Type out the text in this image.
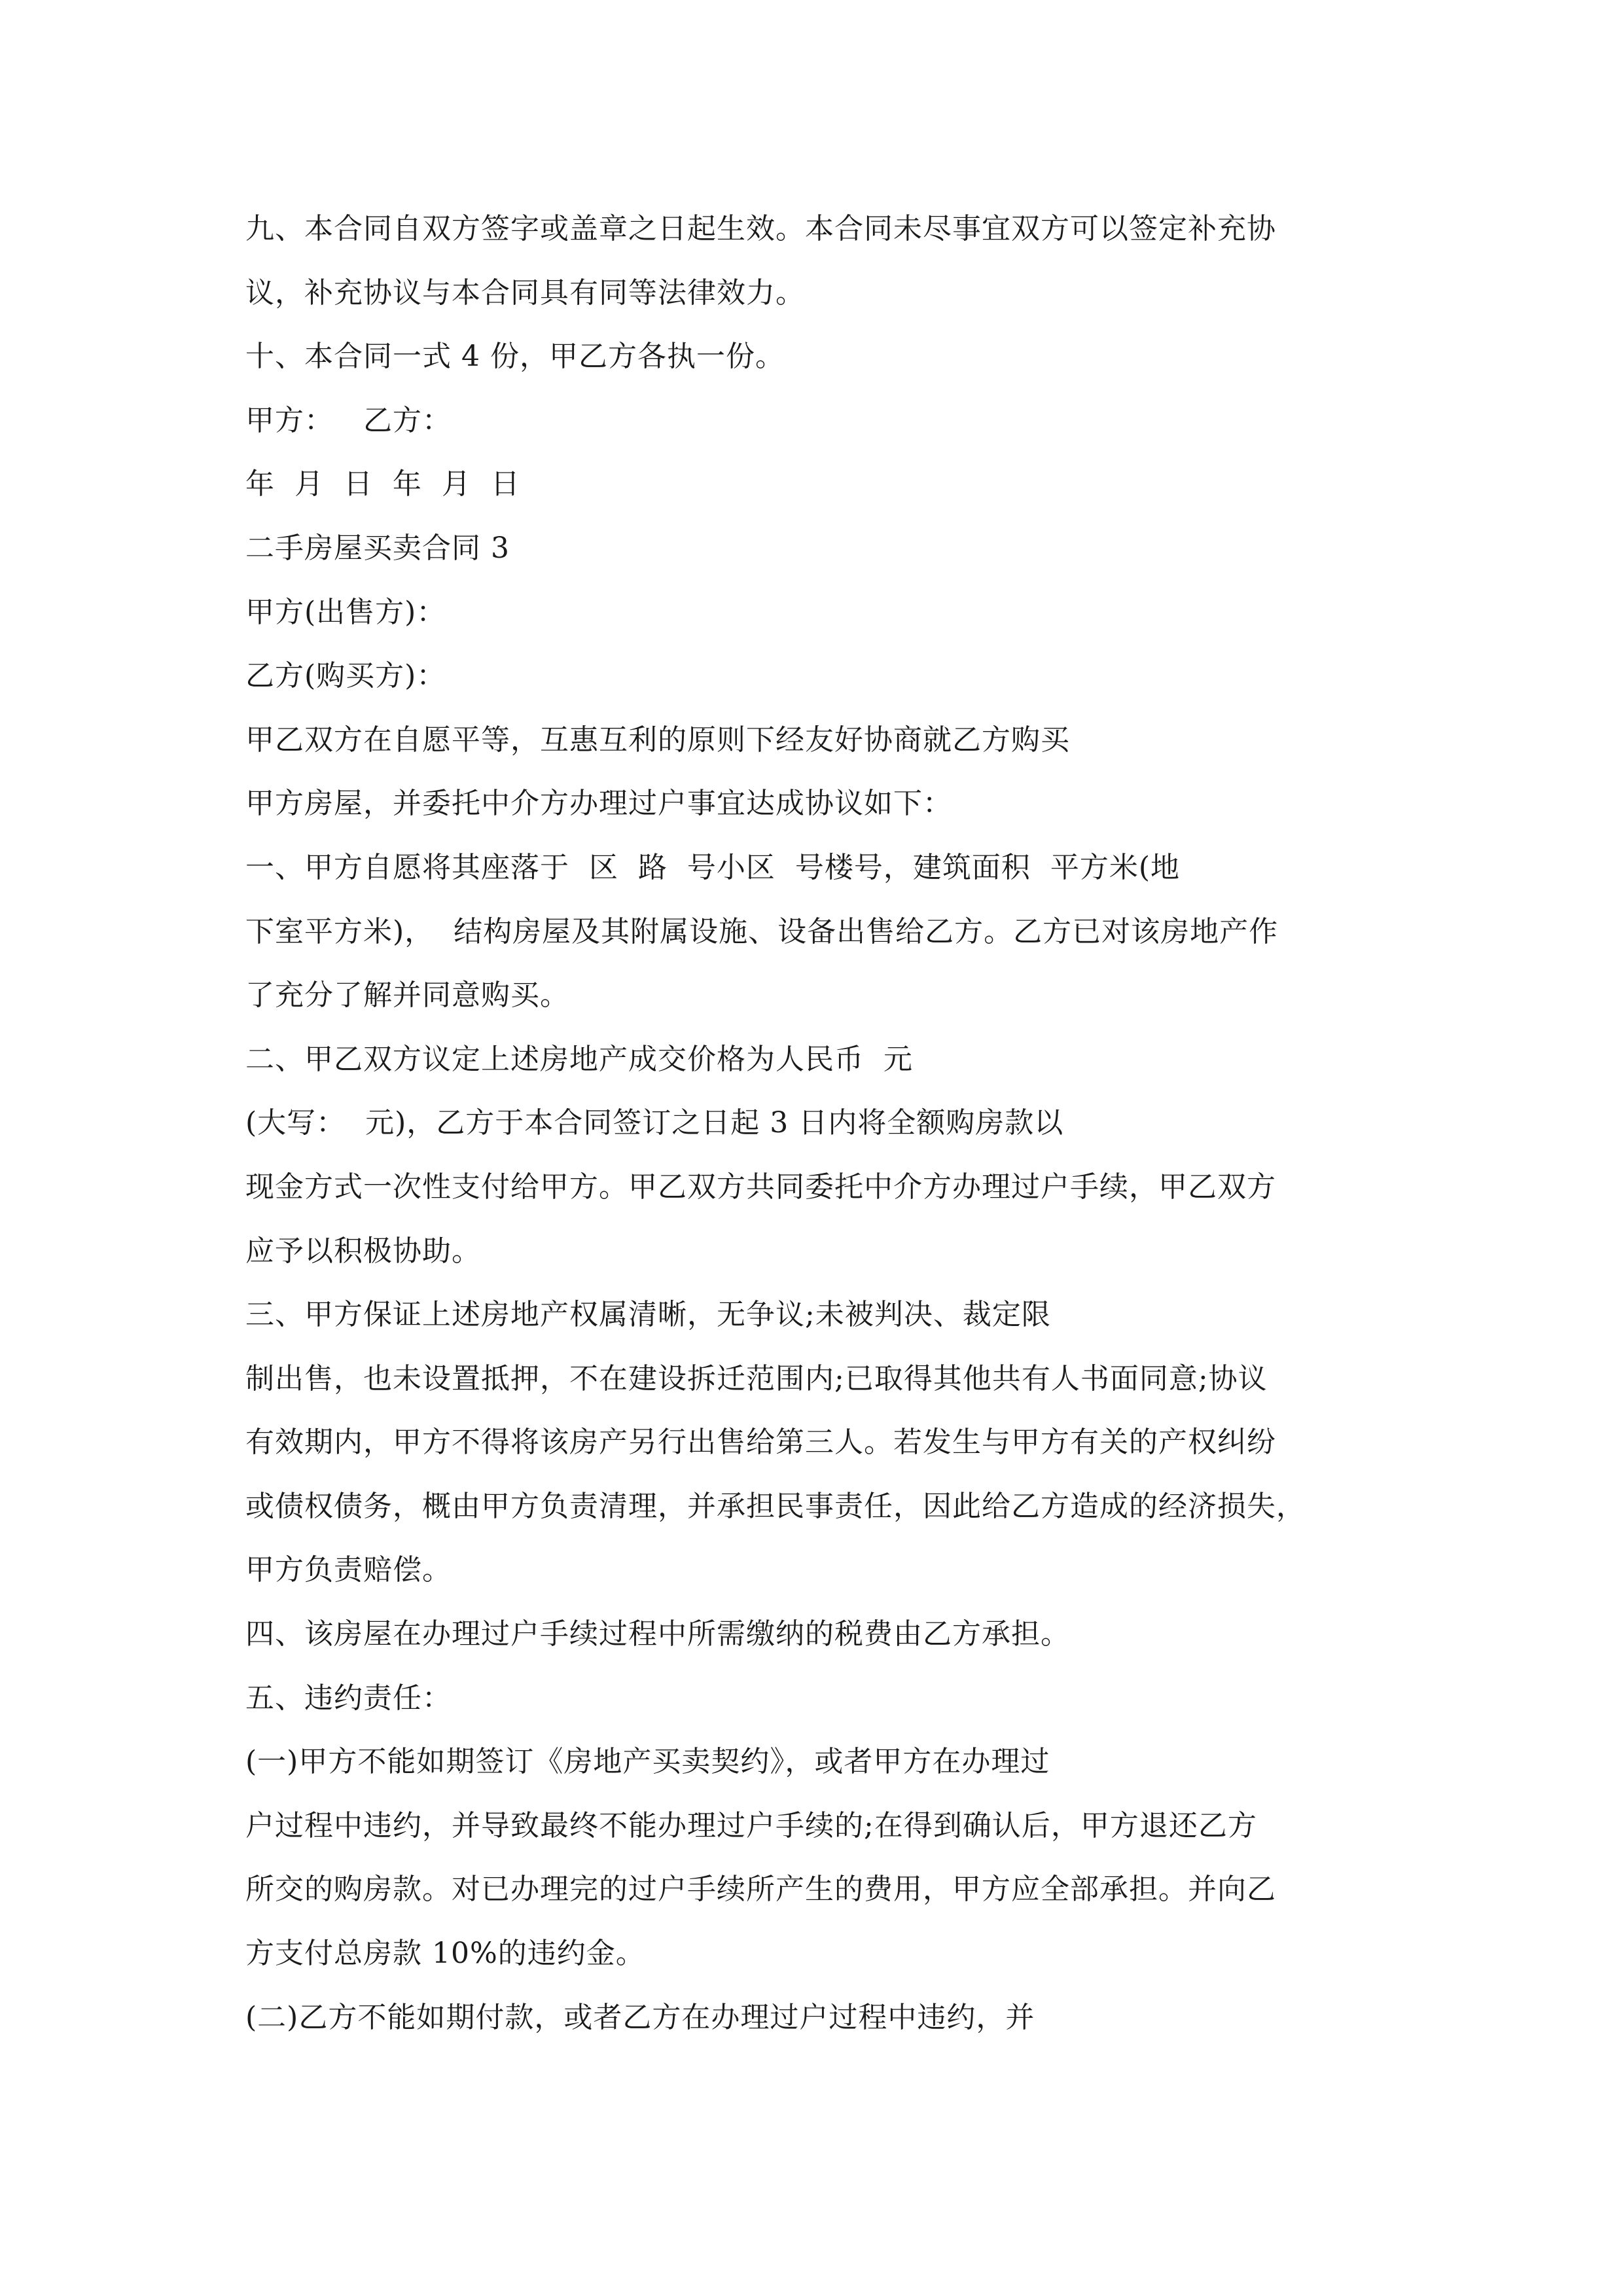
九、本合同自双方签字或盖章之日起生效。本合同未尽事宜双方可以签定补充协
议，补充协议与本合同具有同等法律效力。
十、本合同一式 4 份，甲乙方各执一份。
甲方：   乙方：
年  月  日  年  月  日
二手房屋买卖合同 3
甲方(出售方)：
乙方(购买方)：
甲乙双方在自愿平等，互惠互利的原则下经友好协商就乙方购买
甲方房屋，并委托中介方办理过户事宜达成协议如下：
一、甲方自愿将其座落于  区  路  号小区  号楼号，建筑面积  平方米(地
下室平方米)，  结构房屋及其附属设施、设备出售给乙方。乙方已对该房地产作
了充分了解并同意购买。
二、甲乙双方议定上述房地产成交价格为人民币  元
(大写：  元)，乙方于本合同签订之日起 3 日内将全额购房款以
现金方式一次性支付给甲方。甲乙双方共同委托中介方办理过户手续，甲乙双方
应予以积极协助。
三、甲方保证上述房地产权属清晰，无争议;未被判决、裁定限
制出售，也未设置抵押，不在建设拆迁范围内;已取得其他共有人书面同意;协议
有效期内，甲方不得将该房产另行出售给第三人。若发生与甲方有关的产权纠纷
或债权债务，概由甲方负责清理，并承担民事责任，因此给乙方造成的经济损失，
甲方负责赔偿。
四、该房屋在办理过户手续过程中所需缴纳的税费由乙方承担。
五、违约责任：
(一)甲方不能如期签订《房地产买卖契约》，或者甲方在办理过
户过程中违约，并导致最终不能办理过户手续的;在得到确认后，甲方退还乙方
所交的购房款。对已办理完的过户手续所产生的费用，甲方应全部承担。并向乙
方支付总房款 10%的违约金。
(二)乙方不能如期付款，或者乙方在办理过户过程中违约，并
